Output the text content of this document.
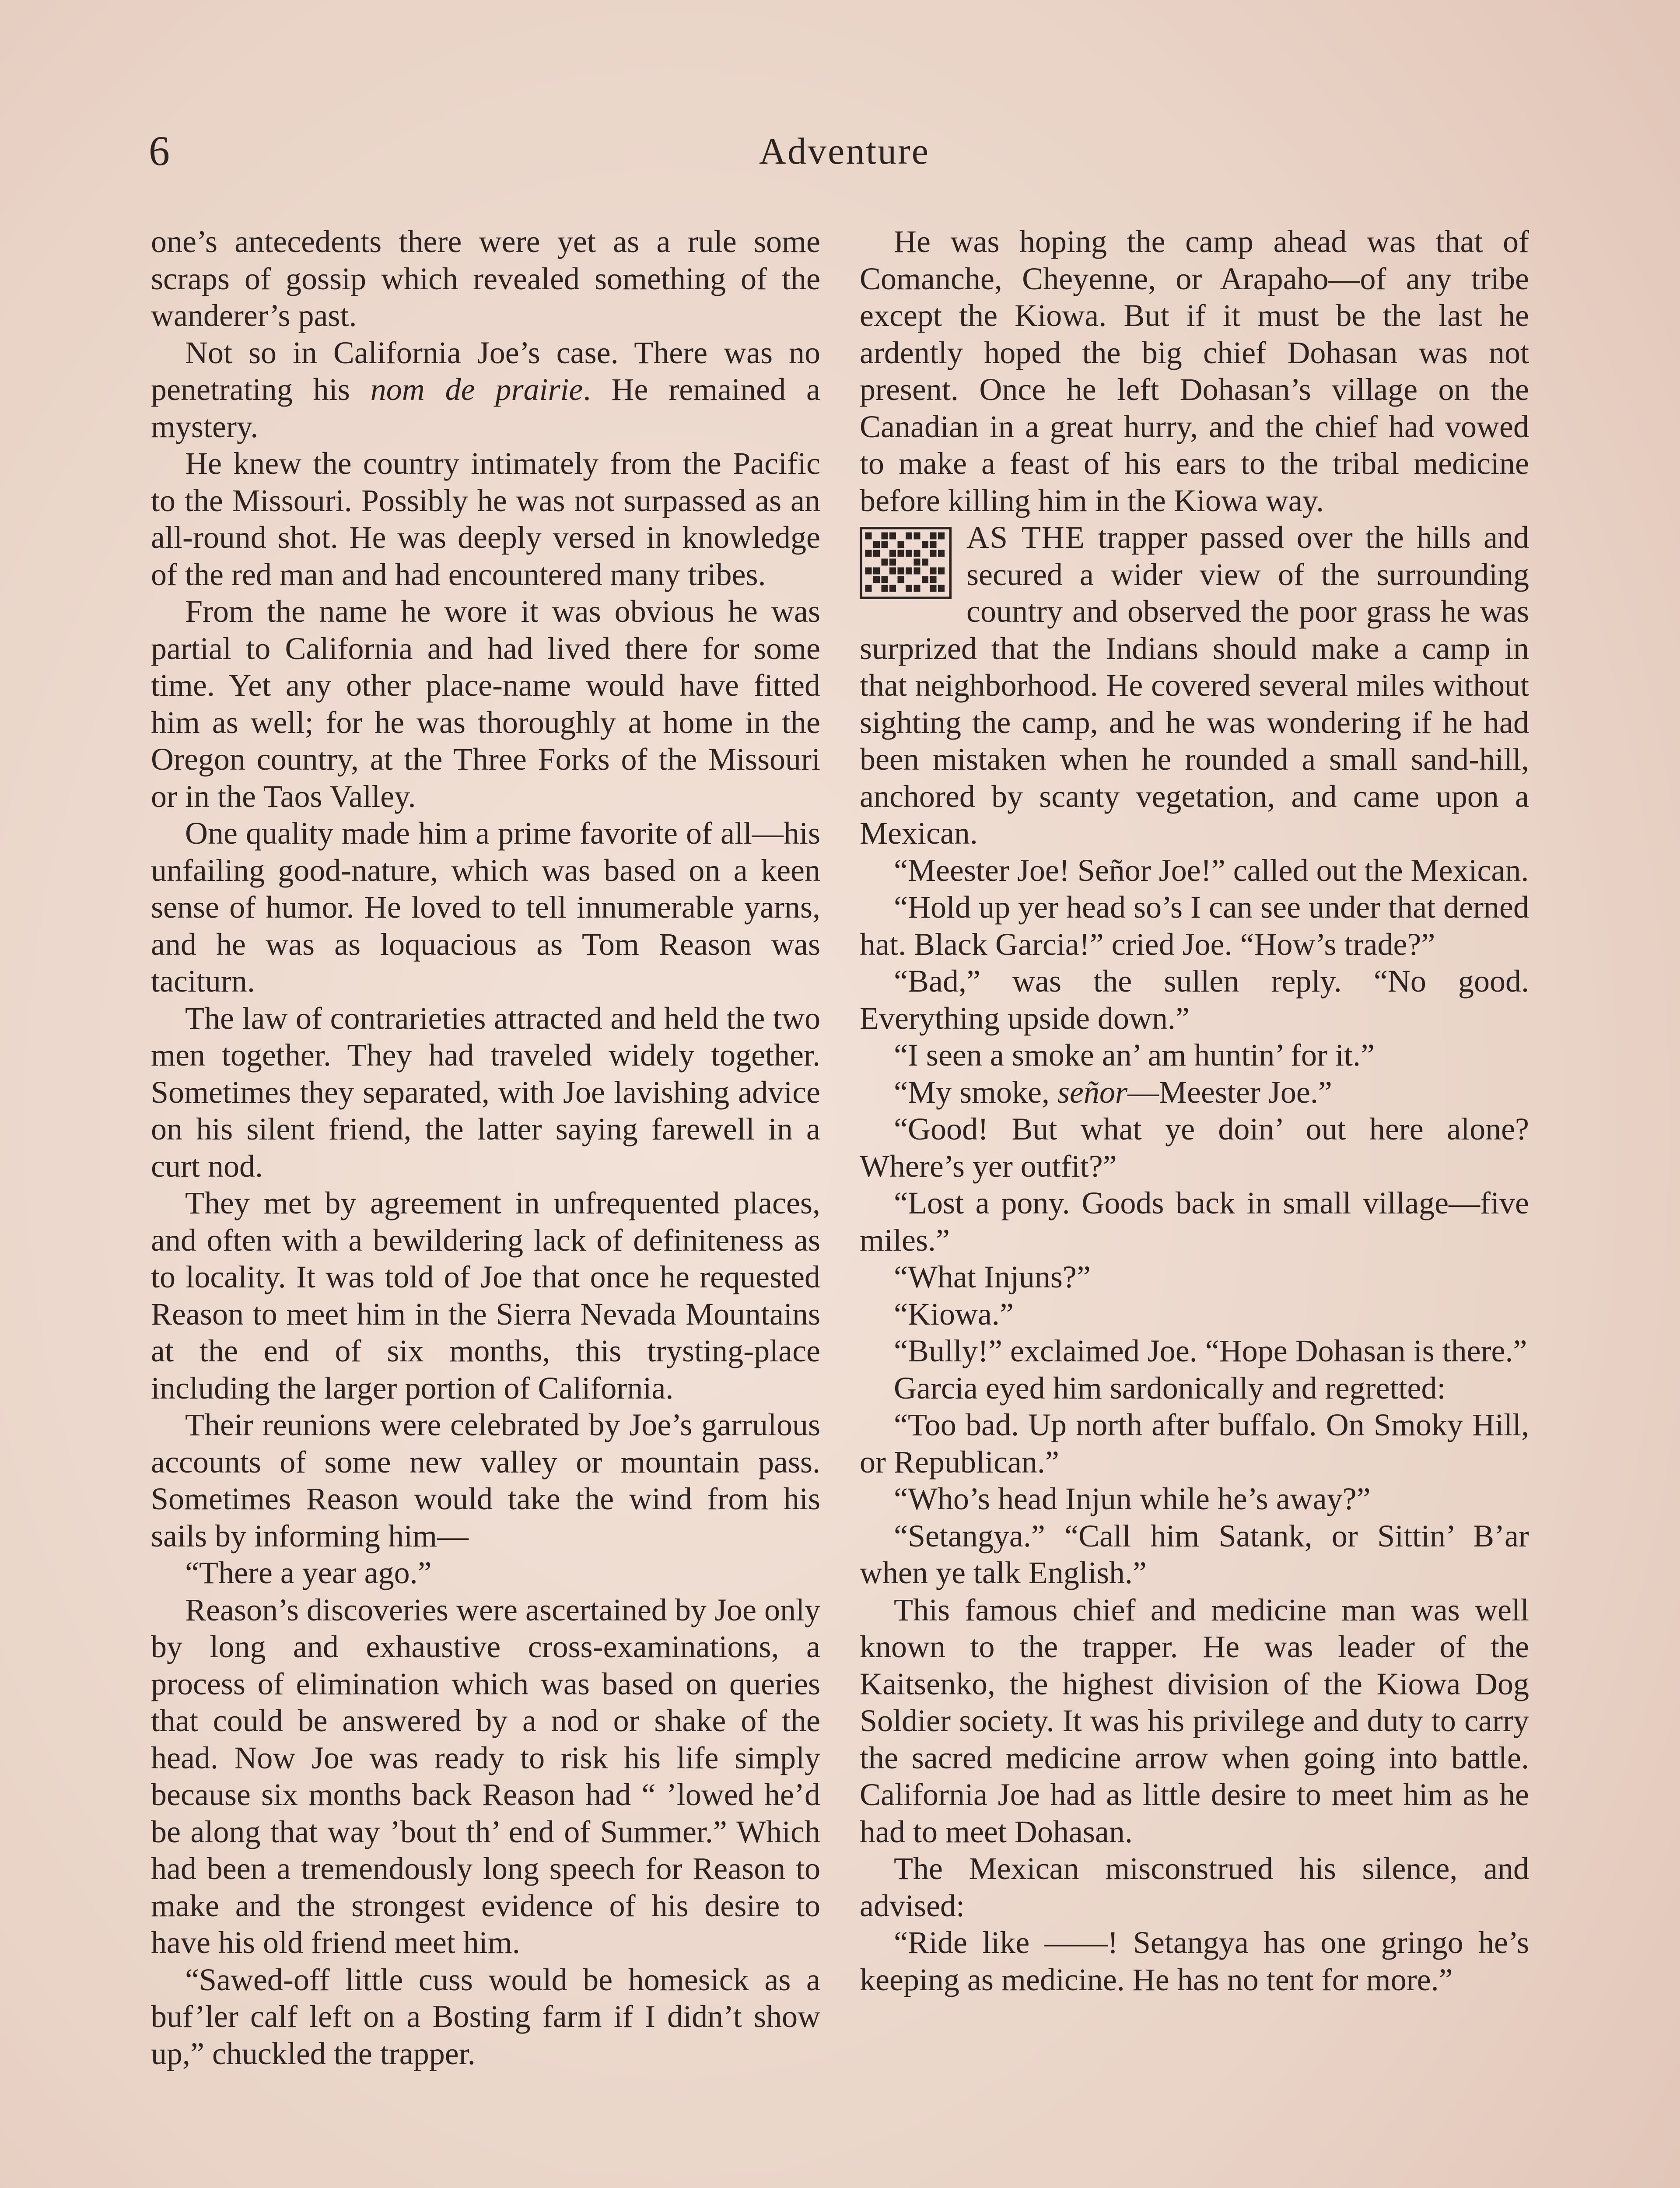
6	Adventure

one’s antecedents there were yet as a rule some scraps of gossip which revealed something of the wanderer’s past.

Not so in California Joe’s case. There was no penetrating his nom de prairie. He remained a mystery.

He knew the country intimately from the Pacific to the Missouri. Possibly he was not surpassed as an all-round shot. He was deeply versed in knowledge of the red man and had encountered many tribes.

From the name he wore it was obvious he was partial to California and had lived there for some time. Yet any other place-name would have fitted him as well; for he was thoroughly at home in the Oregon country, at the Three Forks of the Missouri or in the Taos Valley.

One quality made him a prime favorite of all—his unfailing good-nature, which was based on a keen sense of humor. He loved to tell innumerable yarns, and he was as loquacious as Tom Reason was taciturn.

The law of contrarieties attracted and held the two men together. They had traveled widely together. Sometimes they separated, with Joe lavishing advice on his silent friend, the latter saying farewell in a curt nod.

They met by agreement in unfrequented places, and often with a bewildering lack of definiteness as to locality. It was told of Joe that once he requested Reason to meet him in the Sierra Nevada Mountains at the end of six months, this trysting-place including the larger portion of California.

Their reunions were celebrated by Joe’s garrulous accounts of some new valley or mountain pass. Sometimes Reason would take the wind from his sails by informing him—

“There a year ago.”

Reason’s discoveries were ascertained by Joe only by long and exhaustive cross-examinations, a process of elimination which was based on queries that could be answered by a nod or shake of the head. Now Joe was ready to risk his life simply because six months back Reason had “ ’lowed he’d be along that way ’bout th’ end of Summer.” Which had been a tremendously long speech for Reason to make and the strongest evidence of his desire to have his old friend meet him.

“Sawed-off little cuss would be homesick as a buf’ler calf left on a Bosting farm if I didn’t show up,” chuckled the trapper.

He was hoping the camp ahead was that of Comanche, Cheyenne, or Arapaho—of any tribe except the Kiowa. But if it must be the last he ardently hoped the big chief Dohasan was not present. Once he left Dohasan’s village on the Canadian in a great hurry, and the chief had vowed to make a feast of his ears to the tribal medicine before killing him in the Kiowa way.

AS THE trapper passed over the hills and secured a wider view of the surrounding country and observed the poor grass he was surprized that the Indians should make a camp in that neighborhood. He covered several miles without sighting the camp, and he was wondering if he had been mistaken when he rounded a small sand-hill, anchored by scanty vegetation, and came upon a Mexican.

“Meester Joe! Señor Joe!” called out the Mexican.

“Hold up yer head so’s I can see under that derned hat. Black Garcia!” cried Joe. “How’s trade?”

“Bad,” was the sullen reply. “No good. Everything upside down.”

“I seen a smoke an’ am huntin’ for it.”

“My smoke, señor—Meester Joe.”

“Good! But what ye doin’ out here alone? Where’s yer outfit?”

“Lost a pony. Goods back in small village—five miles.”

“What Injuns?”

“Kiowa.”

“Bully!” exclaimed Joe. “Hope Dohasan is there.”

Garcia eyed him sardonically and regretted:

“Too bad. Up north after buffalo. On Smoky Hill, or Republican.”

“Who’s head Injun while he’s away?”

“Setangya.” “Call him Satank, or Sittin’ B’ar when ye talk English.”

This famous chief and medicine man was well known to the trapper. He was leader of the Kaitsenko, the highest division of the Kiowa Dog Soldier society. It was his privilege and duty to carry the sacred medicine arrow when going into battle. California Joe had as little desire to meet him as he had to meet Dohasan.

The Mexican misconstrued his silence, and advised:

“Ride like ——! Setangya has one gringo he’s keeping as medicine. He has no tent for more.”
